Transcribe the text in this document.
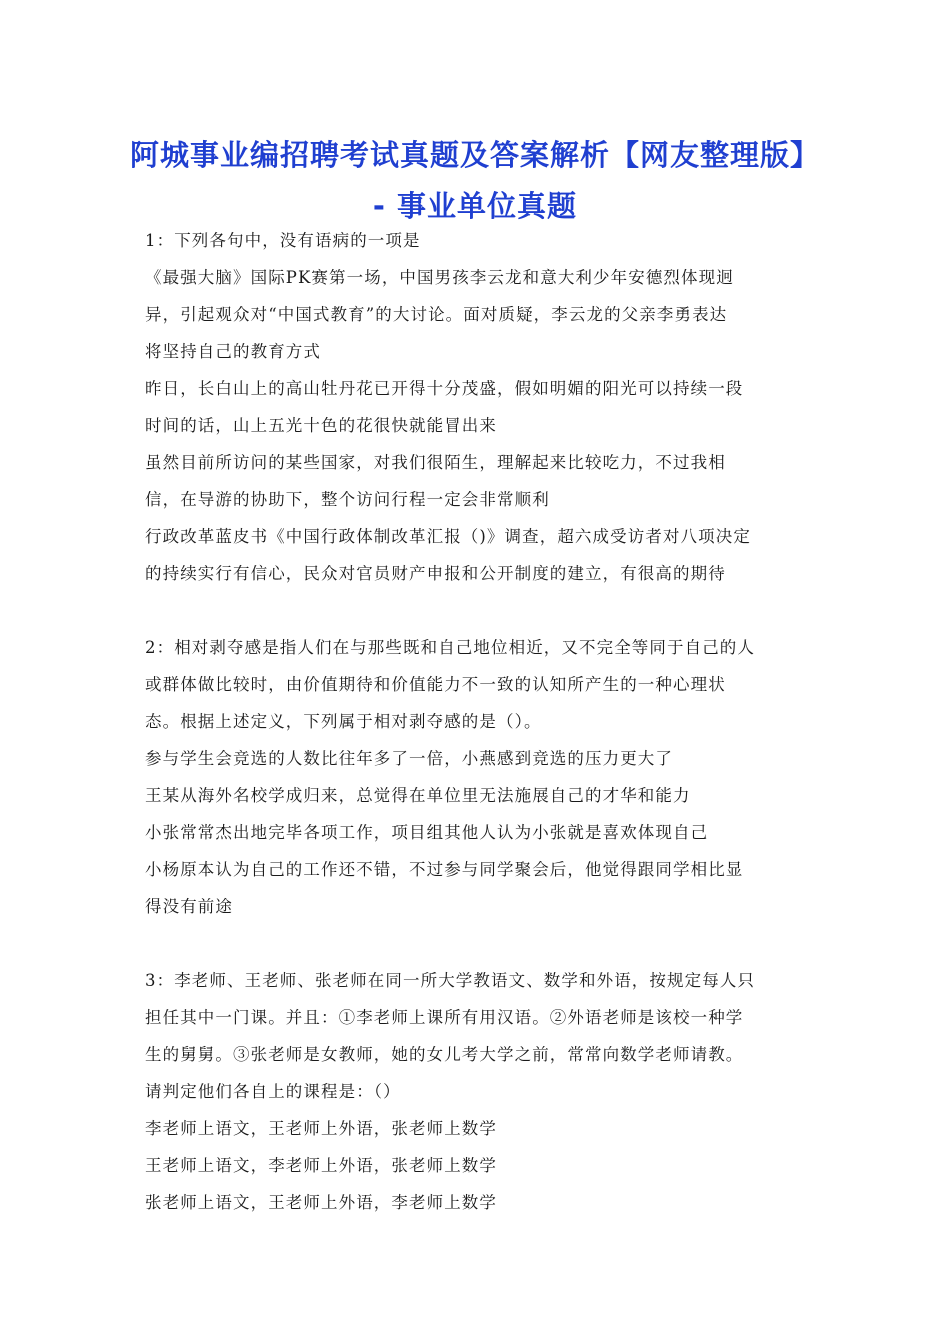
阿城事业编招聘考试真题及答案解析【网友整理版】
- 事业单位真题
1：下列各句中，没有语病的一项是
《最强大脑》国际PK赛第一场，中国男孩李云龙和意大利少年安德烈体现迥
异，引起观众对“中国式教育”的大讨论。面对质疑，李云龙的父亲李勇表达
将坚持自己的教育方式
昨日，长白山上的高山牡丹花已开得十分茂盛，假如明媚的阳光可以持续一段
时间的话，山上五光十色的花很快就能冒出来
虽然目前所访问的某些国家，对我们很陌生，理解起来比较吃力，不过我相
信，在导游的协助下，整个访问行程一定会非常顺利
行政改革蓝皮书《中国行政体制改革汇报（)》调查，超六成受访者对八项决定
的持续实行有信心，民众对官员财产申报和公开制度的建立，有很高的期待
2：相对剥夺感是指人们在与那些既和自己地位相近，又不完全等同于自己的人
或群体做比较时，由价值期待和价值能力不一致的认知所产生的一种心理状
态。根据上述定义，下列属于相对剥夺感的是（）。
参与学生会竞选的人数比往年多了一倍，小燕感到竞选的压力更大了
王某从海外名校学成归来，总觉得在单位里无法施展自己的才华和能力
小张常常杰出地完毕各项工作，项目组其他人认为小张就是喜欢体现自己
小杨原本认为自己的工作还不错，不过参与同学聚会后，他觉得跟同学相比显
得没有前途
3：李老师、王老师、张老师在同一所大学教语文、数学和外语，按规定每人只
担任其中一门课。并且：①李老师上课所有用汉语。②外语老师是该校一种学
生的舅舅。③张老师是女教师，她的女儿考大学之前，常常向数学老师请教。
请判定他们各自上的课程是：（）
李老师上语文，王老师上外语，张老师上数学
王老师上语文，李老师上外语，张老师上数学
张老师上语文，王老师上外语，李老师上数学
